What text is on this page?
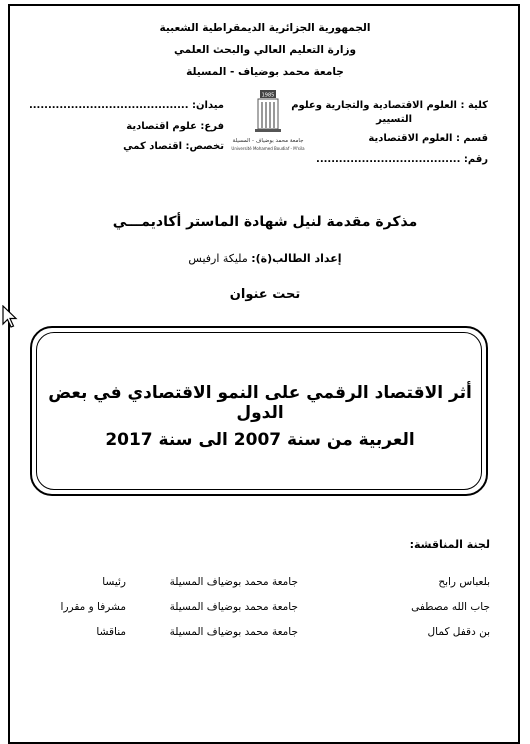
الجمهورية الجزائرية الديمقراطية الشعبية
وزارة التعليم العالي والبحث العلمي
جامعة محمد بوضياف - المسيلة
كلية : العلوم الاقتصادية والتجارية وعلوم
التسيير
قسم : العلوم الاقتصادية
رقم: ......................................
ميدان: ..........................................
فرع: علوم اقتصادية
تخصص: اقتصاد كمي
1985
جامعة محمد بوضياف - المسيلة
Université Mohamed Boudiaf - M'sila
مذكرة مقدمة لنيل شهادة الماستر أكاديمـــي
إعداد الطالب(ة): مليكة ارفيس
تحت عنوان
أثر الاقتصاد الرقمي على النمو الاقتصادي في بعض الدول
العربية من سنة 2007 الى سنة 2017
لجنة المناقشة:
بلعباس رابح
جامعة محمد بوضياف المسيلة
رئيسا
جاب الله مصطفى
جامعة محمد بوضياف المسيلة
مشرفا و مقررا
بن دقفل كمال
جامعة محمد بوضياف المسيلة
مناقشا
